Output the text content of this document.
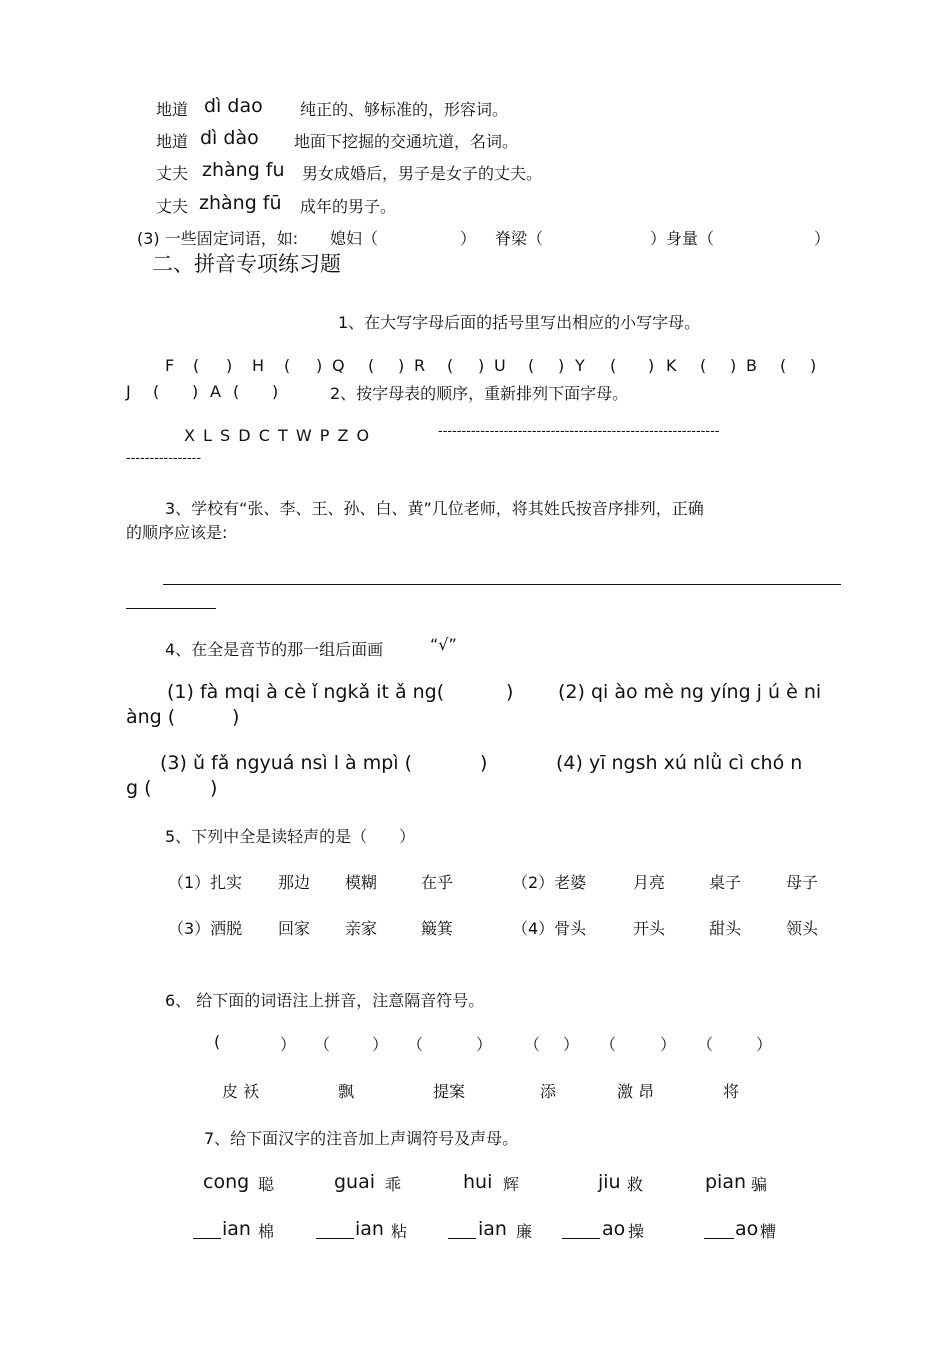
地道 dì dao 纯正的、够标准的，形容词。
地道 dì dào 地面下挖掘的交通坑道，名词。
丈夫 zhàng fu 男女成婚后，男子是女子的丈夫。
丈夫 zhàng fū 成年的男子。
(3) 一些固定词语，如: 媳妇（	） 脊梁（	）身量（	）
二、拼音专项练习题
1、在大写字母后面的括号里写出相应的小写字母。
F ( ) H ( ) Q ( ) R ( ) U ( ) Y ( ) K ( ) B ( )
J ( ) A ( )	2、按字母表的顺序，重新排列下面字母。
X L S D C T W P Z O	------------------------------------------------------------
----------------
3、学校有“张、李、王、孙、白、黄”几位老师，将其姓氏按音序排列，正确
的顺序应该是:
4、在全是音节的那一组后面画	“√”
(1) fà mqi à cè ǐ ngkǎ it ǎ ng(	) (2) qi ào mè ng yíng j ú è ni
àng (	)
(3) ǔ fǎ ngyuá nsì l à mpì (	)	(4) yī ngsh xú nlǜ cì chó n
g (	)
5、下列中全是读轻声的是（　　）
（1）扎实 那边 模糊	在乎	（2）老婆	月亮	桌子	母子
（3）洒脱 回家 亲家	簸箕	（4）骨头	开头	甜头	领头
6、 给下面的词语注上拼音，注意隔音符号。
(	） （	） （	） （ ） （	） （	）
皮 袄	飘	提案	添	激 昂	将
7、给下面汉字的注音加上声调符号及声母。
cong 聪	guai 乖	hui 辉	jiu 救	pian 骗
ian 棉	ian 粘	ian 廉	ao 操	ao 糟
